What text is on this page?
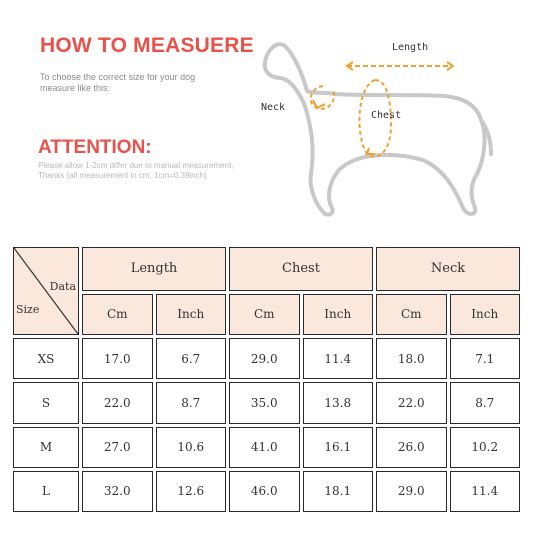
HOW TO MEASUERE
To choose the correct size for your dog measure like this:
ATTENTION:
Please allow 1-2cm differ due to manual measurement,
Thanks (all measurement in cm, 1cm=0.39inch)
Length
Neck
Chest
Size
Data	Length		Chest		Neck	
	Cm	Inch	Cm	Inch	Cm	Inch
XS	17.0	6.7	29.0	11.4	18.0	7.1
S	22.0	8.7	35.0	13.8	22.0	8.7
M	27.0	10.6	41.0	16.1	26.0	10.2
L	32.0	12.6	46.0	18.1	29.0	11.4
